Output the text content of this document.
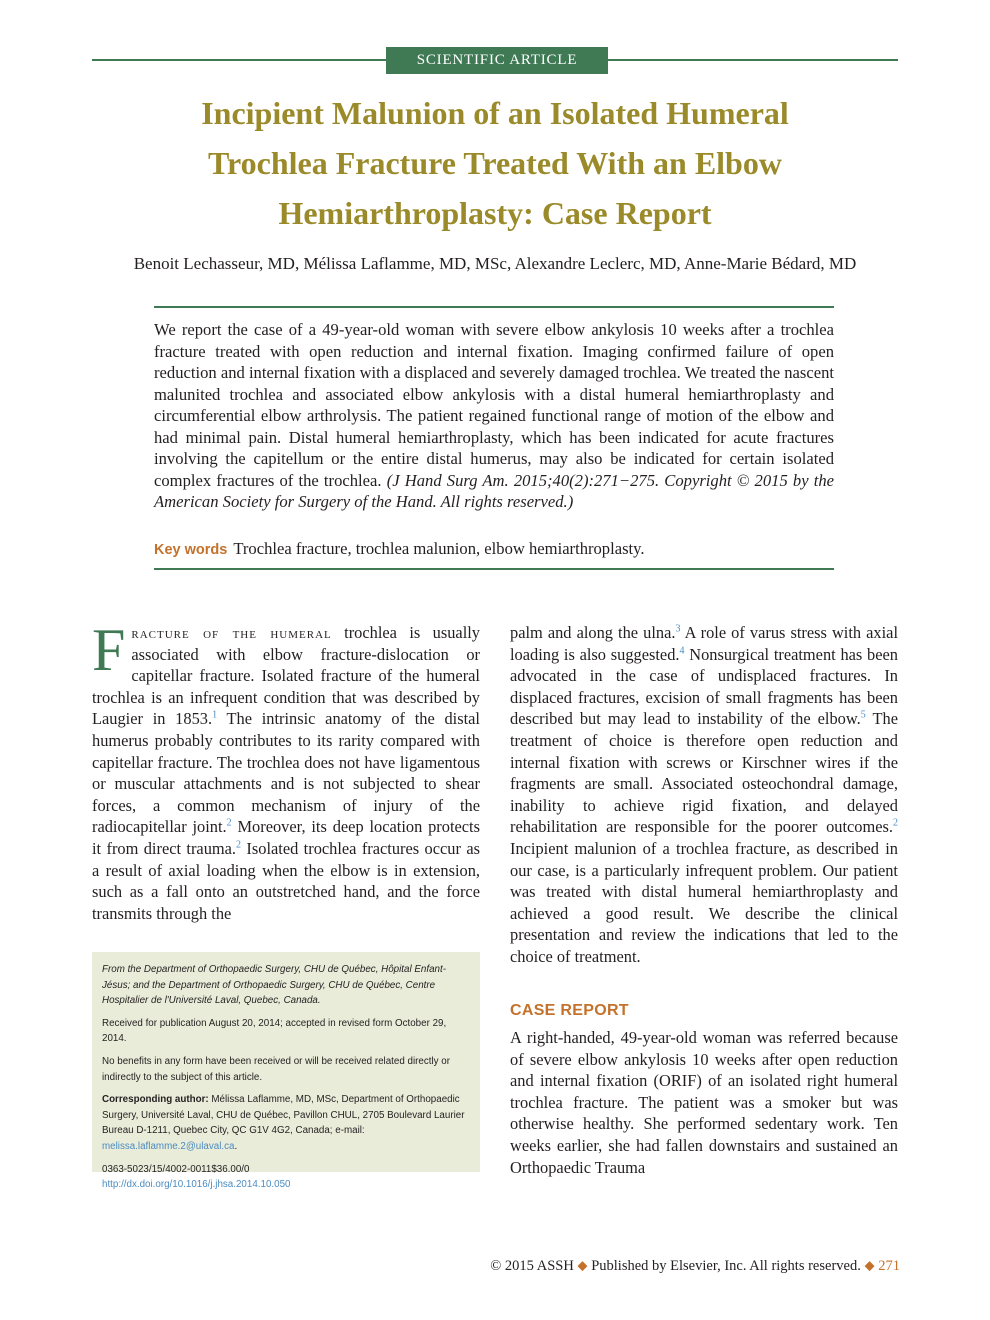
SCIENTIFIC ARTICLE
Incipient Malunion of an Isolated Humeral
Trochlea Fracture Treated With an Elbow
Hemiarthroplasty: Case Report
Benoit Lechasseur, MD, Mélissa Laflamme, MD, MSc, Alexandre Leclerc, MD, Anne-Marie Bédard, MD
We report the case of a 49-year-old woman with severe elbow ankylosis 10 weeks after a trochlea fracture treated with open reduction and internal fixation. Imaging confirmed failure of open reduction and internal fixation with a displaced and severely damaged trochlea. We treated the nascent malunited trochlea and associated elbow ankylosis with a distal humeral hemiarthroplasty and circumferential elbow arthrolysis. The patient regained functional range of motion of the elbow and had minimal pain. Distal humeral hemiarthroplasty, which has been indicated for acute fractures involving the capitellum or the entire distal humerus, may also be indicated for certain isolated complex fractures of the trochlea. (J Hand Surg Am. 2015;40(2):271−275. Copyright © 2015 by the American Society for Surgery of the Hand. All rights reserved.)
Key words Trochlea fracture, trochlea malunion, elbow hemiarthroplasty.

Fracture of the humeral trochlea is usually associated with elbow fracture-dislocation or capitellar fracture. Isolated fracture of the humeral trochlea is an infrequent condition that was described by Laugier in 1853.$^1$ The intrinsic anatomy of the distal humerus probably contributes to its rarity compared with capitellar fracture. The trochlea does not have ligamentous or muscular attachments and is not subjected to shear forces, a common mechanism of injury of the radiocapitellar joint.$^2$ Moreover, its deep location protects it from direct trauma.$^2$ Isolated trochlea fractures occur as a result of axial loading when the elbow is in extension, such as a fall onto an outstretched hand, and the force transmits through the

From the Department of Orthopaedic Surgery, CHU de Québec, Hôpital Enfant-Jésus; and the Department of Orthopaedic Surgery, CHU de Québec, Centre Hospitalier de l'Université Laval, Quebec, Canada.

Received for publication August 20, 2014; accepted in revised form October 29, 2014.

No benefits in any form have been received or will be received related directly or indirectly to the subject of this article.

Corresponding author: Mélissa Laflamme, MD, MSc, Department of Orthopaedic Surgery, Université Laval, CHU de Québec, Pavillon CHUL, 2705 Boulevard Laurier Bureau D-1211, Quebec City, QC G1V 4G2, Canada; e-mail: melissa.laflamme.2@ulaval.ca.

0363-5023/15/4002-0011$36.00/0
http://dx.doi.org/10.1016/j.jhsa.2014.10.050

palm and along the ulna.$^3$ A role of varus stress with axial loading is also suggested.$^4$ Nonsurgical treatment has been advocated in the case of undisplaced fractures. In displaced fractures, excision of small fragments has been described but may lead to instability of the elbow.$^5$ The treatment of choice is therefore open reduction and internal fixation with screws or Kirschner wires if the fragments are small. Associated osteochondral damage, inability to achieve rigid fixation, and delayed rehabilitation are responsible for the poorer outcomes.$^2$ Incipient malunion of a trochlea fracture, as described in our case, is a particularly infrequent problem. Our patient was treated with distal humeral hemiarthroplasty and achieved a good result. We describe the clinical presentation and review the indications that led to the choice of treatment.

CASE REPORT
A right-handed, 49-year-old woman was referred because of severe elbow ankylosis 10 weeks after open reduction and internal fixation (ORIF) of an isolated right humeral trochlea fracture. The patient was a smoker but was otherwise healthy. She performed sedentary work. Ten weeks earlier, she had fallen downstairs and sustained an Orthopaedic Trauma
© 2015 ASSH ⬥ Published by Elsevier, Inc. All rights reserved. ⬥ 271
